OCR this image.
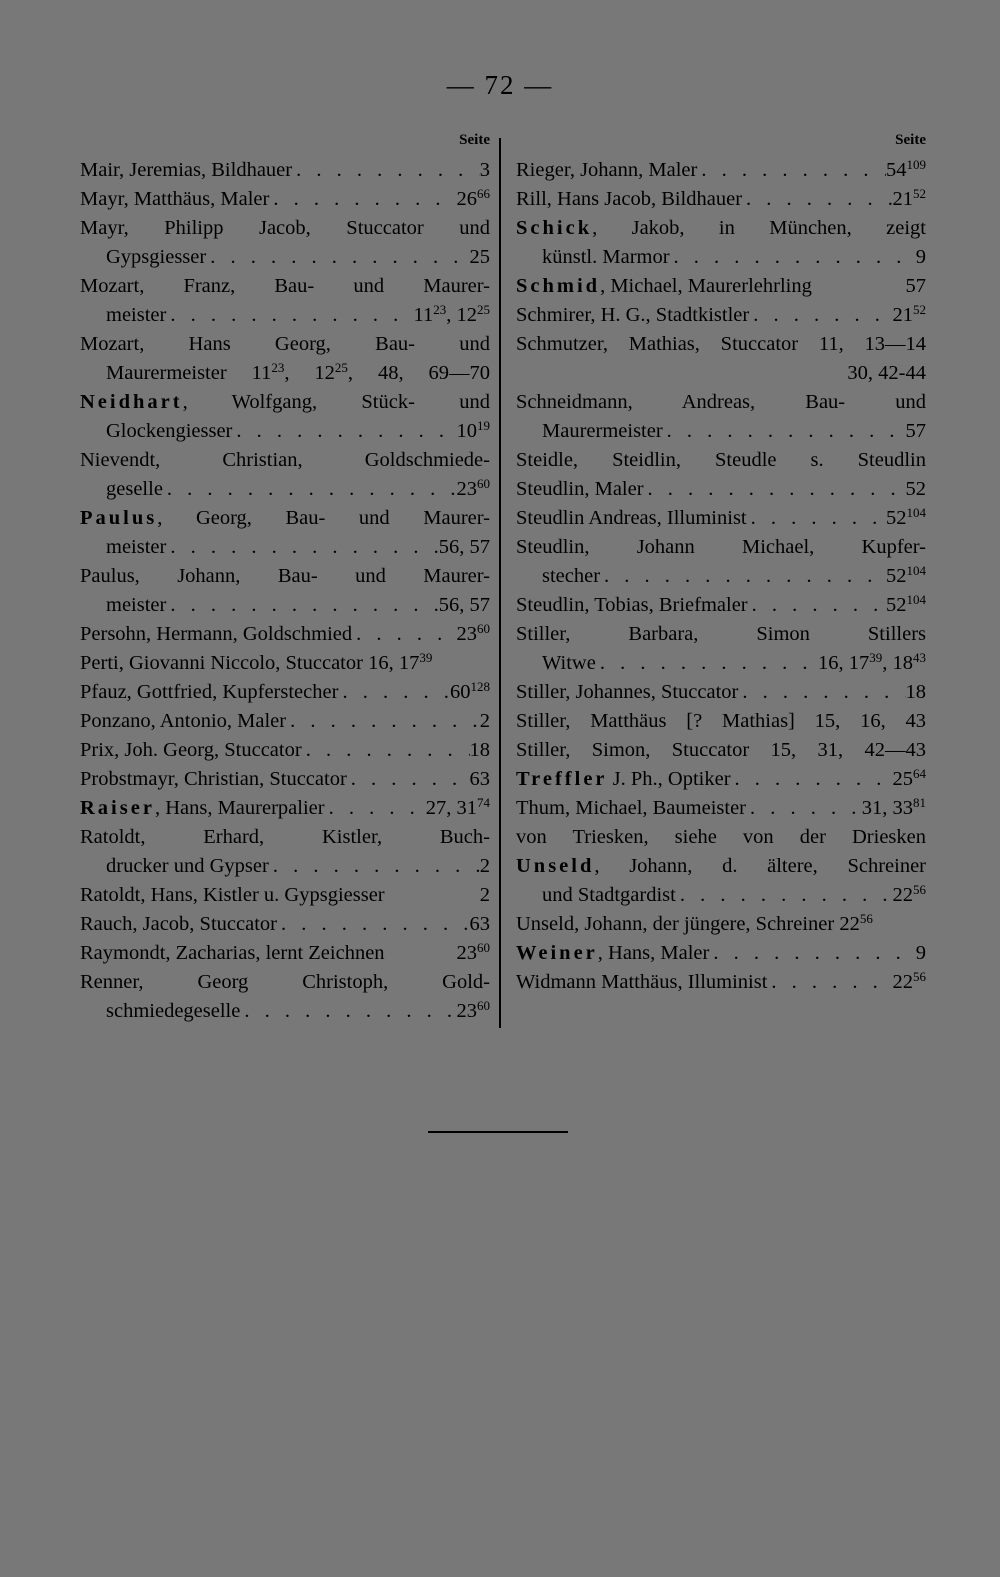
— 72 —
Seite
Mair, Jeremias, Bildhauer . . .	3
Mayr, Matthäus, Maler . . .	$26^{66}$
Mayr, Philipp Jacob, Stuccator und
Gypsgiesser . . .	25
Mozart, Franz, Bau- und Maurer-
meister . . .	$11^{23}$, $12^{25}$
Mozart, Hans Georg, Bau- und
Maurermeister $11^{23}$, $12^{25}$, 48, 69—70
Neidhart, Wolfgang, Stück- und
Glockengiesser . . .	$10^{19}$
Nievendt, Christian, Goldschmiede-
geselle . . .	$23^{60}$
Paulus, Georg, Bau- und Maurer-
meister . . .	56, 57
Paulus, Johann, Bau- und Maurer-
meister . . .	56, 57
Persohn, Hermann, Goldschmied . . .	$23^{60}$
Perti, Giovanni Niccolo, Stuccator 16, $17^{39}$
Pfauz, Gottfried, Kupferstecher . . .	$60^{128}$
Ponzano, Antonio, Maler . . .	2
Prix, Joh. Georg, Stuccator . . .	18
Probstmayr, Christian, Stuccator . . .	63
Raiser, Hans, Maurerpalier . . .	27, $31^{74}$
Ratoldt, Erhard, Kistler, Buch-
drucker und Gypser . . .	2
Ratoldt, Hans, Kistler u. Gypsgiesser	2
Rauch, Jacob, Stuccator . . .	63
Raymondt, Zacharias, lernt Zeichnen	$23^{60}$
Renner, Georg Christoph, Gold-
schmiedegeselle . . .	$23^{60}$
Seite
Rieger, Johann, Maler . . .	$54^{109}$
Rill, Hans Jacob, Bildhauer . . .	$21^{52}$
Schick, Jakob, in München, zeigt
künstl. Marmor . . .	9
Schmid, Michael, Maurerlehrling	57
Schmirer, H. G., Stadtkistler . . .	$21^{52}$
Schmutzer, Mathias, Stuccator 11, 13—14
30, 42-44
Schneidmann, Andreas, Bau- und
Maurermeister . . .	57
Steidle, Steidlin, Steudle s. Steudlin
Steudlin, Maler . . .	52
Steudlin Andreas, Illuminist . . .	$52^{104}$
Steudlin, Johann Michael, Kupfer-
stecher . . .	$52^{104}$
Steudlin, Tobias, Briefmaler . . .	$52^{104}$
Stiller, Barbara, Simon Stillers
Witwe . . .	16, $17^{39}$, $18^{43}$
Stiller, Johannes, Stuccator . . .	18
Stiller, Matthäus [? Mathias] 15, 16, 43
Stiller, Simon, Stuccator 15, 31, 42—43
Treffler J. Ph., Optiker . . .	$25^{64}$
Thum, Michael, Baumeister . . .	31, $33^{81}$
von Triesken, siehe von der Driesken
Unseld, Johann, d. ältere, Schreiner
und Stadtgardist . . .	$22^{56}$
Unseld, Johann, der jüngere, Schreiner $22^{56}$
Weiner, Hans, Maler . . .	9
Widmann Matthäus, Illuminist . . .	$22^{56}$
